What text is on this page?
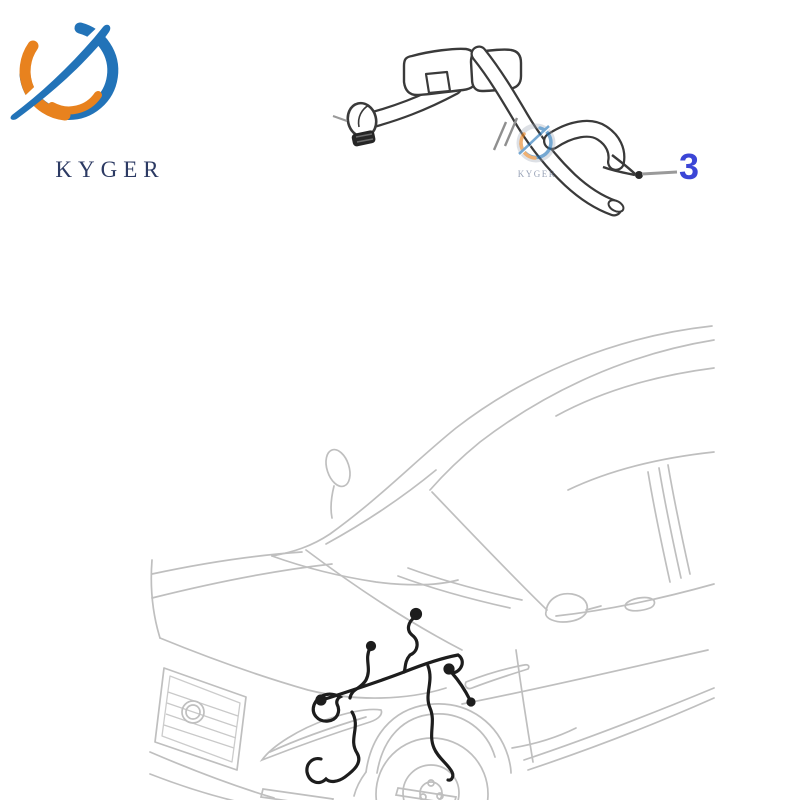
KYGER	KYGER	3
